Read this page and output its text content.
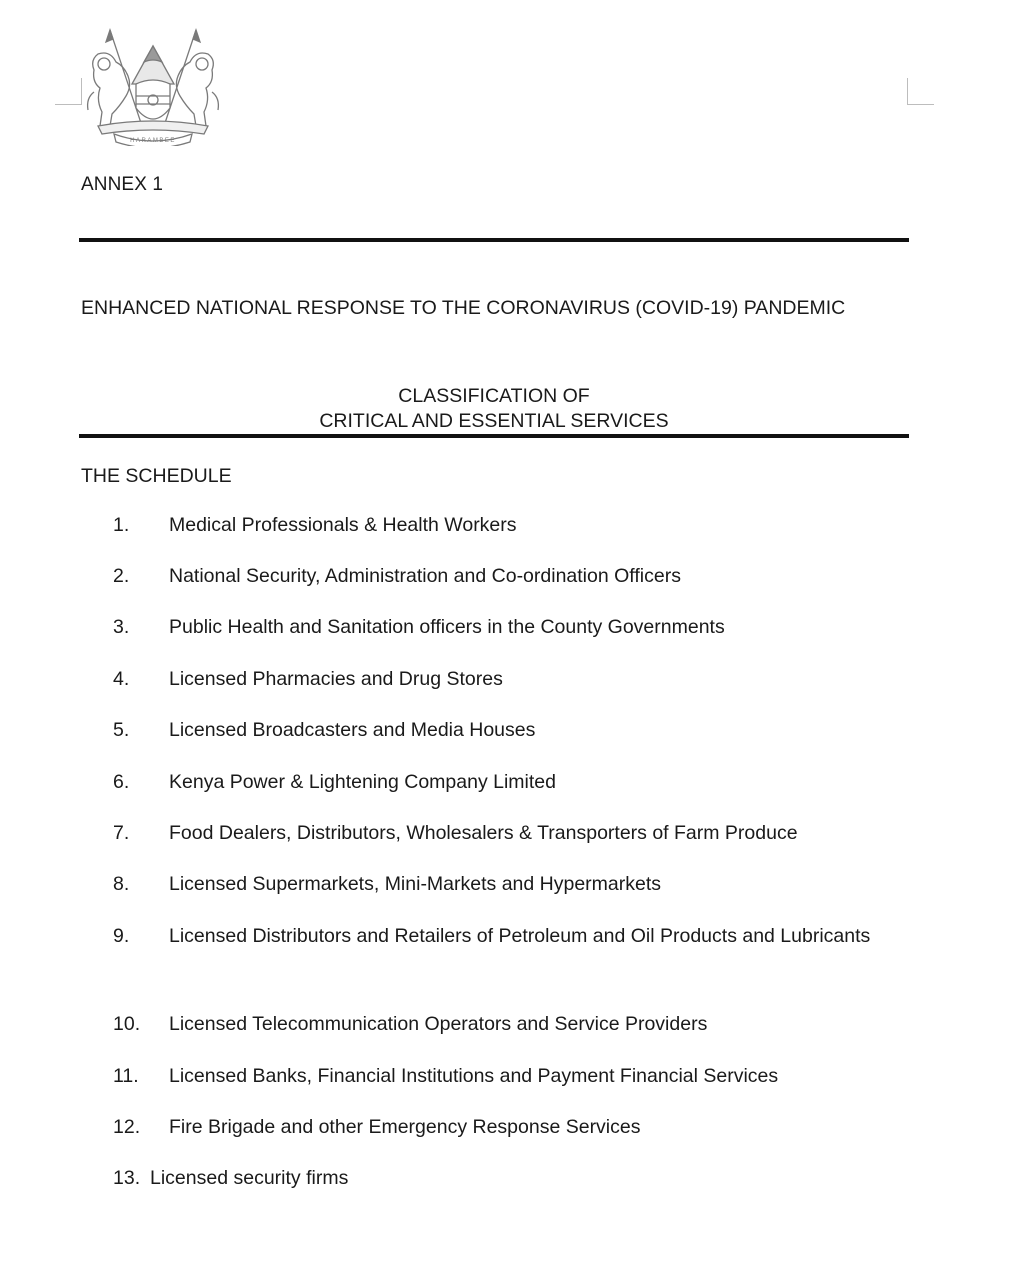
HARAMBEE
ANNEX 1
ENHANCED NATIONAL RESPONSE TO THE CORONAVIRUS (COVID-19) PANDEMIC
CLASSIFICATION OF
CRITICAL AND ESSENTIAL SERVICES
THE SCHEDULE
1.	Medical Professionals & Health Workers
2.	National Security, Administration and Co-ordination Officers
3.	Public Health and Sanitation officers in the County Governments
4.	Licensed Pharmacies and Drug Stores
5.	Licensed Broadcasters and Media Houses
6.	Kenya Power & Lightening Company Limited
7.	Food Dealers, Distributors, Wholesalers & Transporters of Farm Produce
8.	Licensed Supermarkets, Mini-Markets and Hypermarkets
9.	Licensed Distributors and Retailers of Petroleum and Oil Products and Lubricants
10.	Licensed Telecommunication Operators and Service Providers
11.	Licensed Banks, Financial Institutions and Payment Financial Services
12.	Fire Brigade and other Emergency Response Services
13. Licensed security firms
